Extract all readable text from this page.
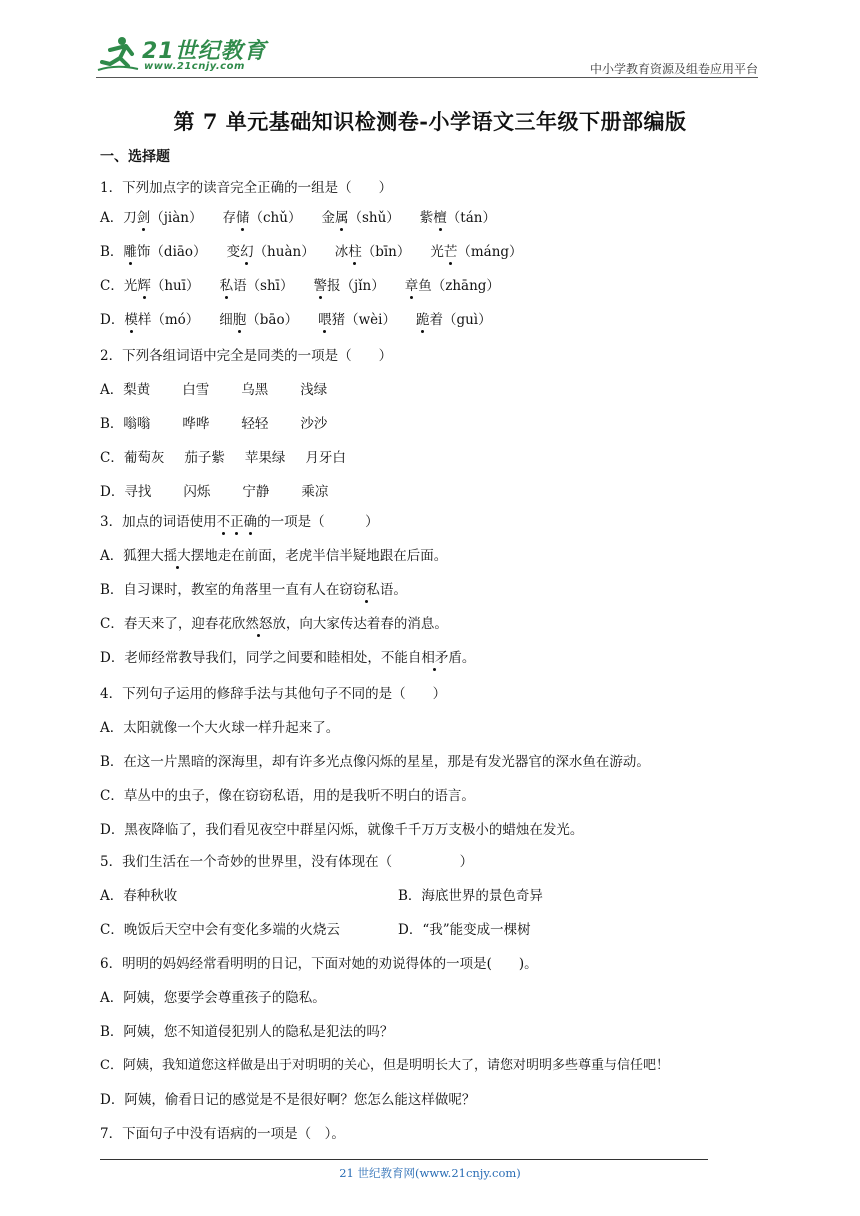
21世纪教育
www.21cnjy.com	中小学教育资源及组卷应用平台
第 7 单元基础知识检测卷-小学语文三年级下册部编版
一、选择题
1．下列加点字的读音完全正确的一组是（　　）
A．刀剑（jiàn） 存储（chǔ） 金属（shǔ） 紫檀（tán）
B．雕饰（diāo） 变幻（huàn） 冰柱（bīn） 光芒（máng）
C．光辉（huī） 私语（shī） 警报（jǐn） 章鱼（zhāng）
D．模样（mó） 细胞（bāo） 喂猪（wèi） 跪着（guì）
2．下列各组词语中完全是同类的一项是（　　）
A．梨黄 白雪 乌黑 浅绿
B．嗡嗡 哗哗 轻轻 沙沙
C．葡萄灰 茄子紫 苹果绿 月牙白
D．寻找 闪烁 宁静 乘凉
3．加点的词语使用不正确的一项是（　　　）
A．狐狸大摇大摆地走在前面，老虎半信半疑地跟在后面。
B．自习课时，教室的角落里一直有人在窃窃私语。
C．春天来了，迎春花欣然怒放，向大家传达着春的消息。
D．老师经常教导我们，同学之间要和睦相处，不能自相矛盾。
4．下列句子运用的修辞手法与其他句子不同的是（　　）
A．太阳就像一个大火球一样升起来了。
B．在这一片黑暗的深海里，却有许多光点像闪烁的星星，那是有发光器官的深水鱼在游动。
C．草丛中的虫子，像在窃窃私语，用的是我听不明白的语言。
D．黑夜降临了，我们看见夜空中群星闪烁，就像千千万万支极小的蜡烛在发光。
5．我们生活在一个奇妙的世界里，没有体现在（　　　　　）
A．春种秋收	B．海底世界的景色奇异
C．晚饭后天空中会有变化多端的火烧云	D．“我”能变成一棵树
6．明明的妈妈经常看明明的日记，下面对她的劝说得体的一项是(　　)。
A．阿姨，您要学会尊重孩子的隐私。
B．阿姨，您不知道侵犯别人的隐私是犯法的吗？
C．阿姨，我知道您这样做是出于对明明的关心，但是明明长大了，请您对明明多些尊重与信任吧！
D．阿姨，偷看日记的感觉是不是很好啊？您怎么能这样做呢？
7．下面句子中没有语病的一项是（　）。
21 世纪教育网(www.21cnjy.com)
